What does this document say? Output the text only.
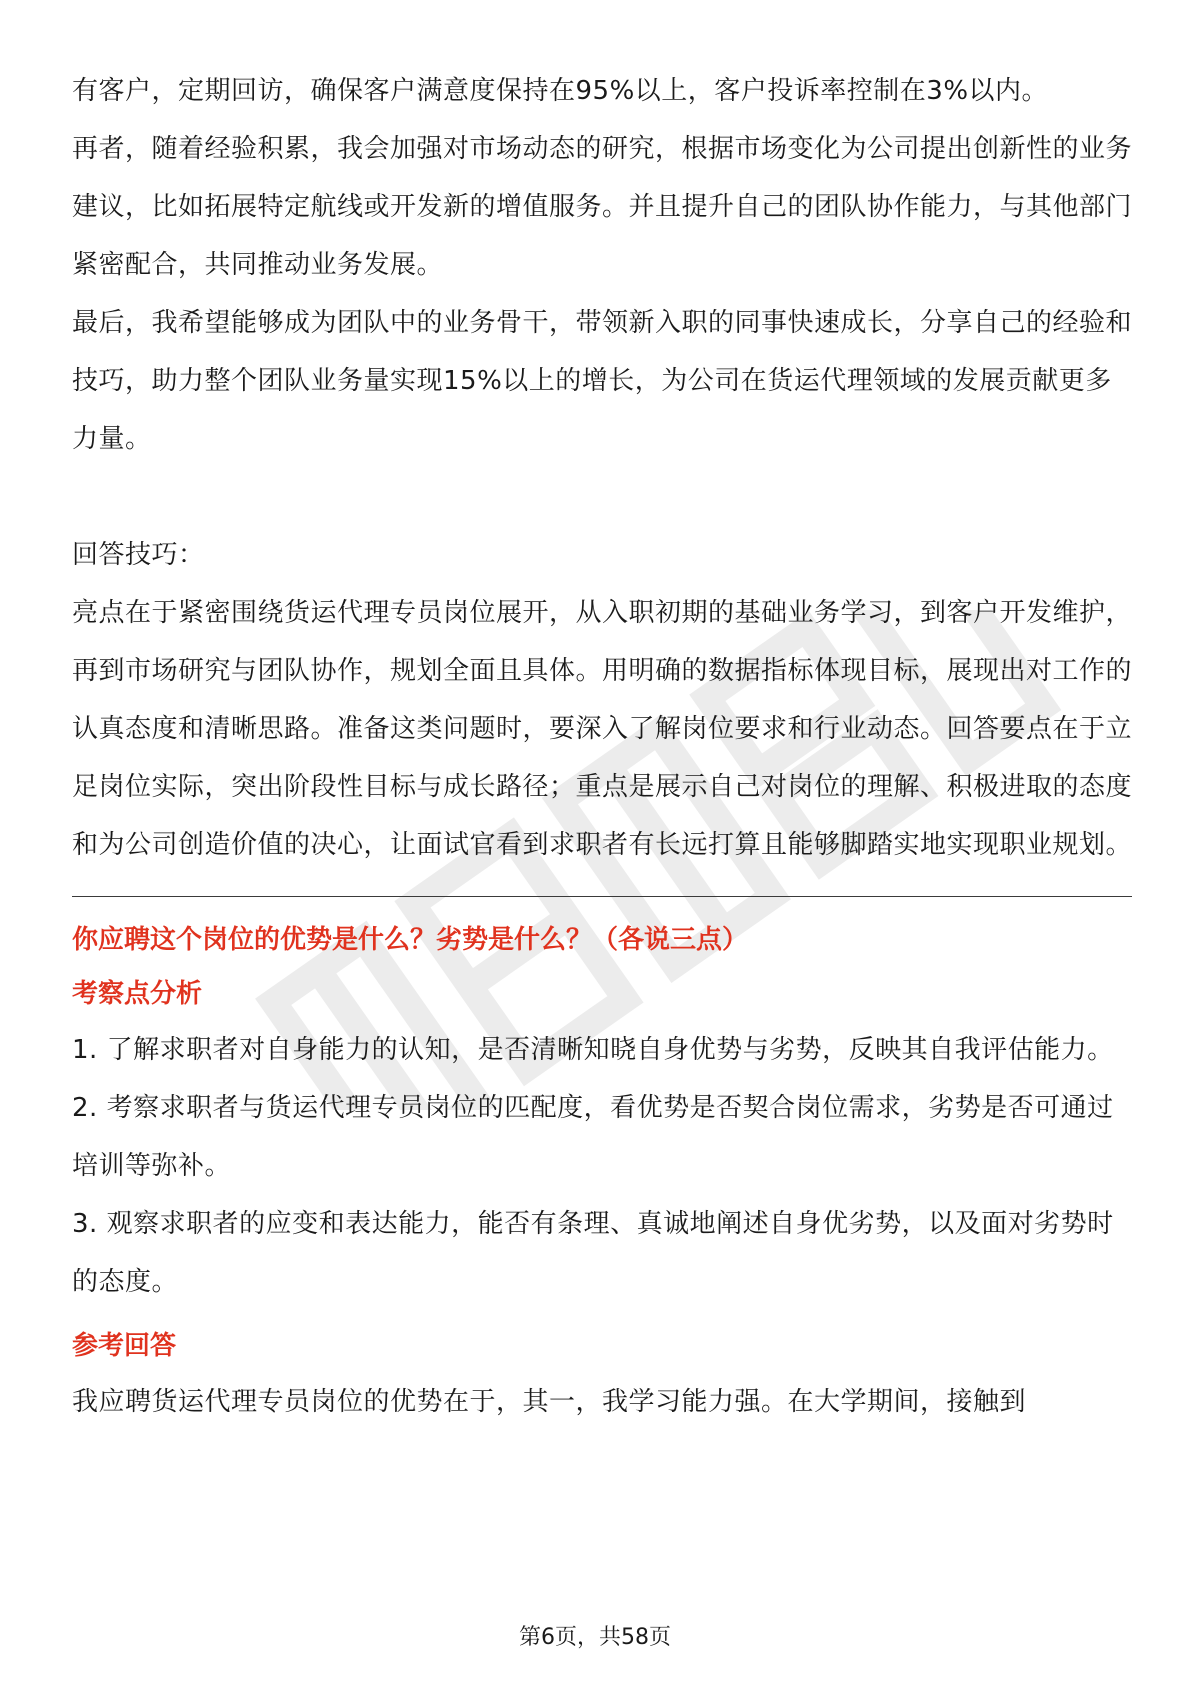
有客户，定期回访，确保客户满意度保持在95%以上，客户投诉率控制在3%以内。

再者，随着经验积累，我会加强对市场动态的研究，根据市场变化为公司提出创新性的业务建议，比如拓展特定航线或开发新的增值服务。并且提升自己的团队协作能力，与其他部门紧密配合，共同推动业务发展。

最后，我希望能够成为团队中的业务骨干，带领新入职的同事快速成长，分享自己的经验和技巧，助力整个团队业务量实现15%以上的增长，为公司在货运代理领域的发展贡献更多力量。

回答技巧：

亮点在于紧密围绕货运代理专员岗位展开，从入职初期的基础业务学习，到客户开发维护，再到市场研究与团队协作，规划全面且具体。用明确的数据指标体现目标，展现出对工作的认真态度和清晰思路。准备这类问题时，要深入了解岗位要求和行业动态。回答要点在于立足岗位实际，突出阶段性目标与成长路径；重点是展示自己对岗位的理解、积极进取的态度和为公司创造价值的决心，让面试官看到求职者有长远打算且能够脚踏实地实现职业规划。

你应聘这个岗位的优势是什么？劣势是什么？（各说三点）

考察点分析

1. 了解求职者对自身能力的认知，是否清晰知晓自身优势与劣势，反映其自我评估能力。

2. 考察求职者与货运代理专员岗位的匹配度，看优势是否契合岗位需求，劣势是否可通过培训等弥补。

3. 观察求职者的应变和表达能力，能否有条理、真诚地阐述自身优劣势，以及面对劣势时的态度。

参考回答

我应聘货运代理专员岗位的优势在于，其一，我学习能力强。在大学期间，接触到

第6页，共58页
